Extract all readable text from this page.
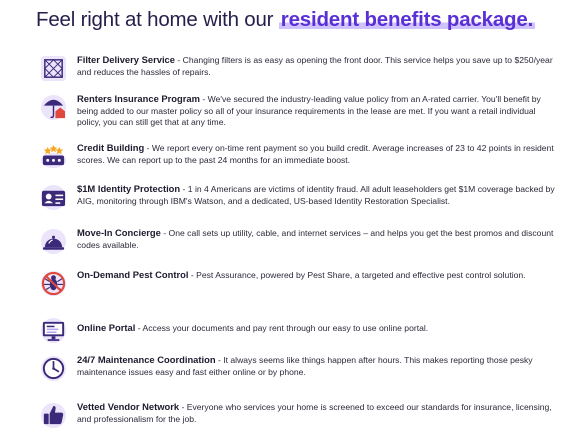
Feel right at home with our resident benefits package.
Filter Delivery Service - Changing filters is as easy as opening the front door. This service helps you save up to $250/year and reduces the hassles of repairs.
Renters Insurance Program - We've secured the industry-leading value policy from an A-rated carrier. You'll benefit by being added to our master policy so all of your insurance requirements in the lease are met. If you want a retail individual policy, you can still get that at any time.
Credit Building - We report every on-time rent payment so you build credit. Average increases of 23 to 42 points in resident scores. We can report up to the past 24 months for an immediate boost.
$1M Identity Protection - 1 in 4 Americans are victims of identity fraud. All adult leaseholders get $1M coverage backed by AIG, monitoring through IBM's Watson, and a dedicated, US-based Identity Restoration Specialist.
Move-In Concierge - One call sets up utility, cable, and internet services – and helps you get the best promos and discount codes available.
On-Demand Pest Control - Pest Assurance, powered by Pest Share, a targeted and effective pest control solution.
Online Portal - Access your documents and pay rent through our easy to use online portal.
24/7 Maintenance Coordination - It always seems like things happen after hours. This makes reporting those pesky maintenance issues easy and fast either online or by phone.
Vetted Vendor Network - Everyone who services your home is screened to exceed our standards for insurance, licensing, and professionalism for the job.
